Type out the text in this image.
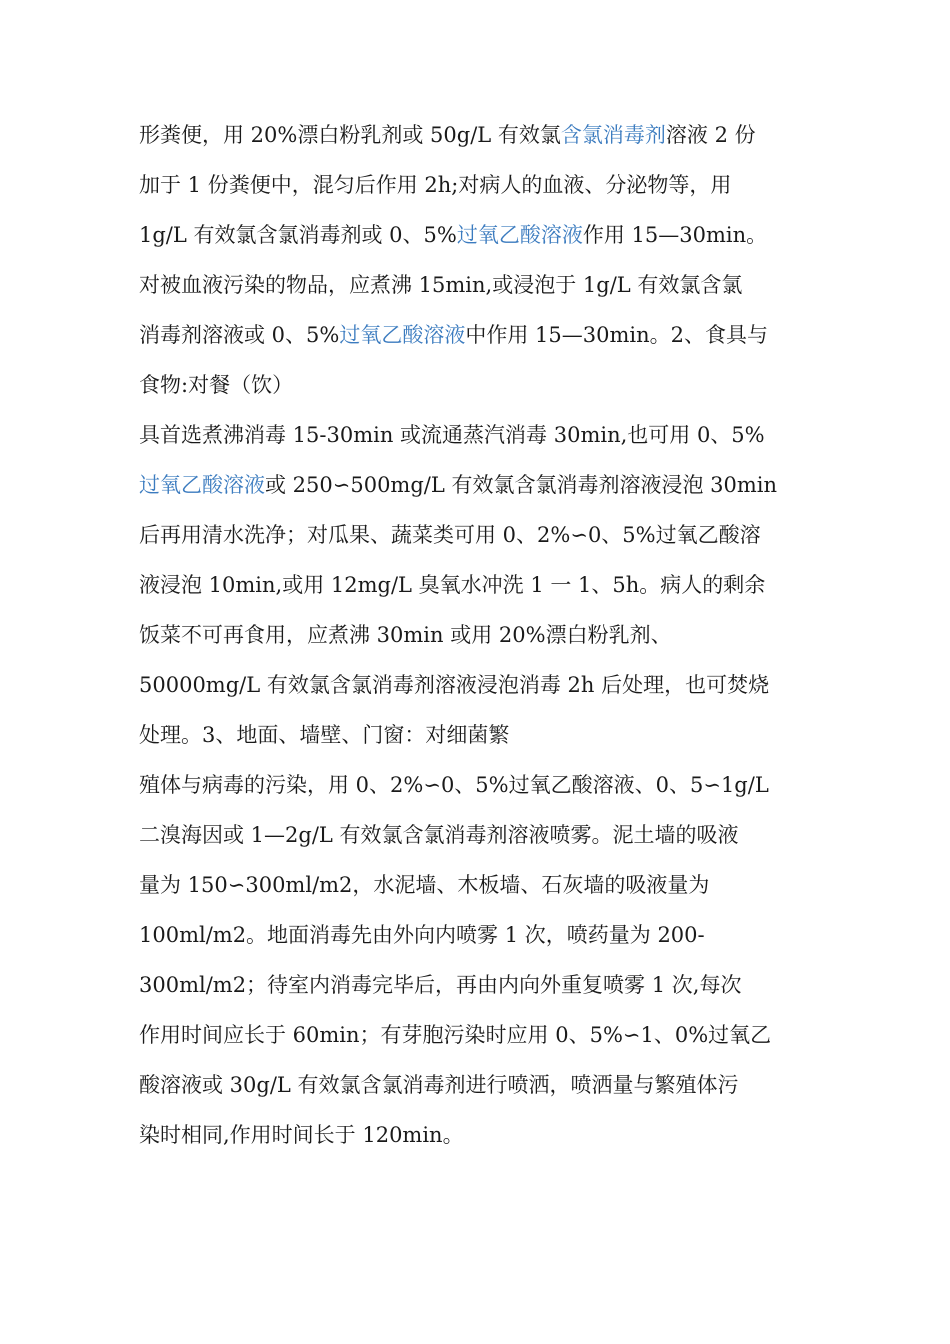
形粪便，用 20%漂白粉乳剂或 50g/L 有效氯含氯消毒剂溶液 2 份
加于 1 份粪便中，混匀后作用 2h;对病人的血液、分泌物等，用
1g/L 有效氯含氯消毒剂或 0、5%过氧乙酸溶液作用 15—30min。
对被血液污染的物品，应煮沸 15min,或浸泡于 1g/L 有效氯含氯
消毒剂溶液或 0、5%过氧乙酸溶液中作用 15—30min。2、食具与
食物:对餐（饮）
具首选煮沸消毒 15-30min 或流通蒸汽消毒 30min,也可用 0、5%
过氧乙酸溶液或 250∽500mg/L 有效氯含氯消毒剂溶液浸泡 30min
后再用清水洗净；对瓜果、蔬菜类可用 0、2%∽0、5%过氧乙酸溶
液浸泡 10min,或用 12mg/L 臭氧水冲洗 1 一 1、5h。病人的剩余
饭菜不可再食用，应煮沸 30min 或用 20%漂白粉乳剂、
50000mg/L 有效氯含氯消毒剂溶液浸泡消毒 2h 后处理，也可焚烧
处理。3、地面、墙壁、门窗：对细菌繁
殖体与病毒的污染，用 0、2%∽0、5%过氧乙酸溶液、0、5∽1g/L
二溴海因或 1—2g/L 有效氯含氯消毒剂溶液喷雾。泥土墙的吸液
量为 150∽300ml/m2，水泥墙、木板墙、石灰墙的吸液量为
100ml/m2。地面消毒先由外向内喷雾 1 次，喷药量为 200-
300ml/m2；待室内消毒完毕后，再由内向外重复喷雾 1 次,每次
作用时间应长于 60min；有芽胞污染时应用 0、5%∽1、0%过氧乙
酸溶液或 30g/L 有效氯含氯消毒剂进行喷洒，喷洒量与繁殖体污
染时相同,作用时间长于 120min。
